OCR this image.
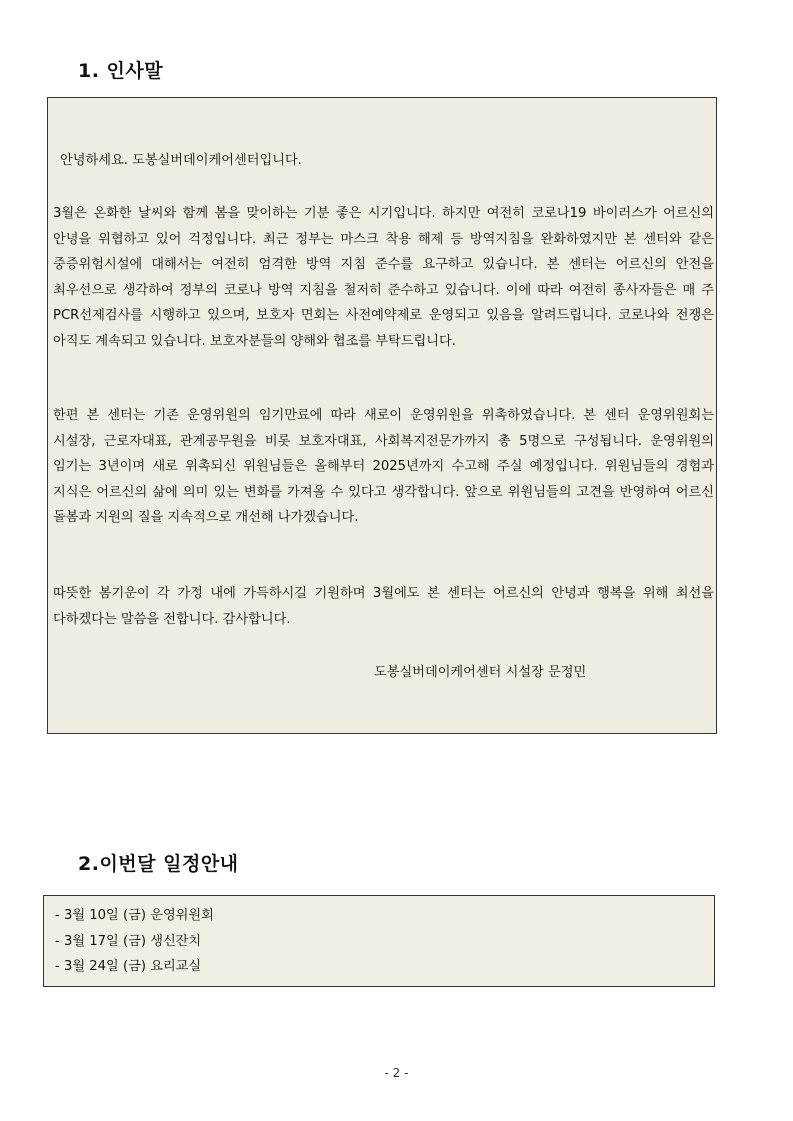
1. 인사말

안녕하세요. 도봉실버데이케어센터입니다.

3월은 온화한 날씨와 함께 봄을 맞이하는 기분 좋은 시기입니다. 하지만 여전히 코로나19 바이러스가 어르신의 안녕을 위협하고 있어 걱정입니다. 최근 정부는 마스크 착용 해제 등 방역지침을 완화하였지만 본 센터와 같은 중증위험시설에 대해서는 여전히 엄격한 방역 지침 준수를 요구하고 있습니다. 본 센터는 어르신의 안전을 최우선으로 생각하여 정부의 코로나 방역 지침을 철저히 준수하고 있습니다. 이에 따라 여전히 종사자들은 매 주 PCR선제검사를 시행하고 있으며, 보호자 면회는 사전예약제로 운영되고 있음을 알려드립니다. 코로나와 전쟁은 아직도 계속되고 있습니다. 보호자분들의 양해와 협조를 부탁드립니다.

한편 본 센터는 기존 운영위원의 임기만료에 따라 새로이 운영위원을 위촉하였습니다. 본 센터 운영위원회는 시설장, 근로자대표, 관계공무원을 비롯 보호자대표, 사회복지전문가까지 총 5명으로 구성됩니다. 운영위원의 임기는 3년이며 새로 위촉되신 위원님들은 올해부터 2025년까지 수고해 주실 예정입니다. 위원님들의 경험과 지식은 어르신의 삶에 의미 있는 변화를 가져올 수 있다고 생각합니다. 앞으로 위원님들의 고견을 반영하여 어르신 돌봄과 지원의 질을 지속적으로 개선해 나가겠습니다.

따뜻한 봄기운이 각 가정 내에 가득하시길 기원하며 3월에도 본 센터는 어르신의 안녕과 행복을 위해 최선을 다하겠다는 말씀을 전합니다. 감사합니다.

도봉실버데이케어센터 시설장 문정민

2.이번달 일정안내
- 3월 10일 (금) 운영위원회
- 3월 17일 (금) 생신잔치
- 3월 24일 (금) 요리교실
- 2 -
